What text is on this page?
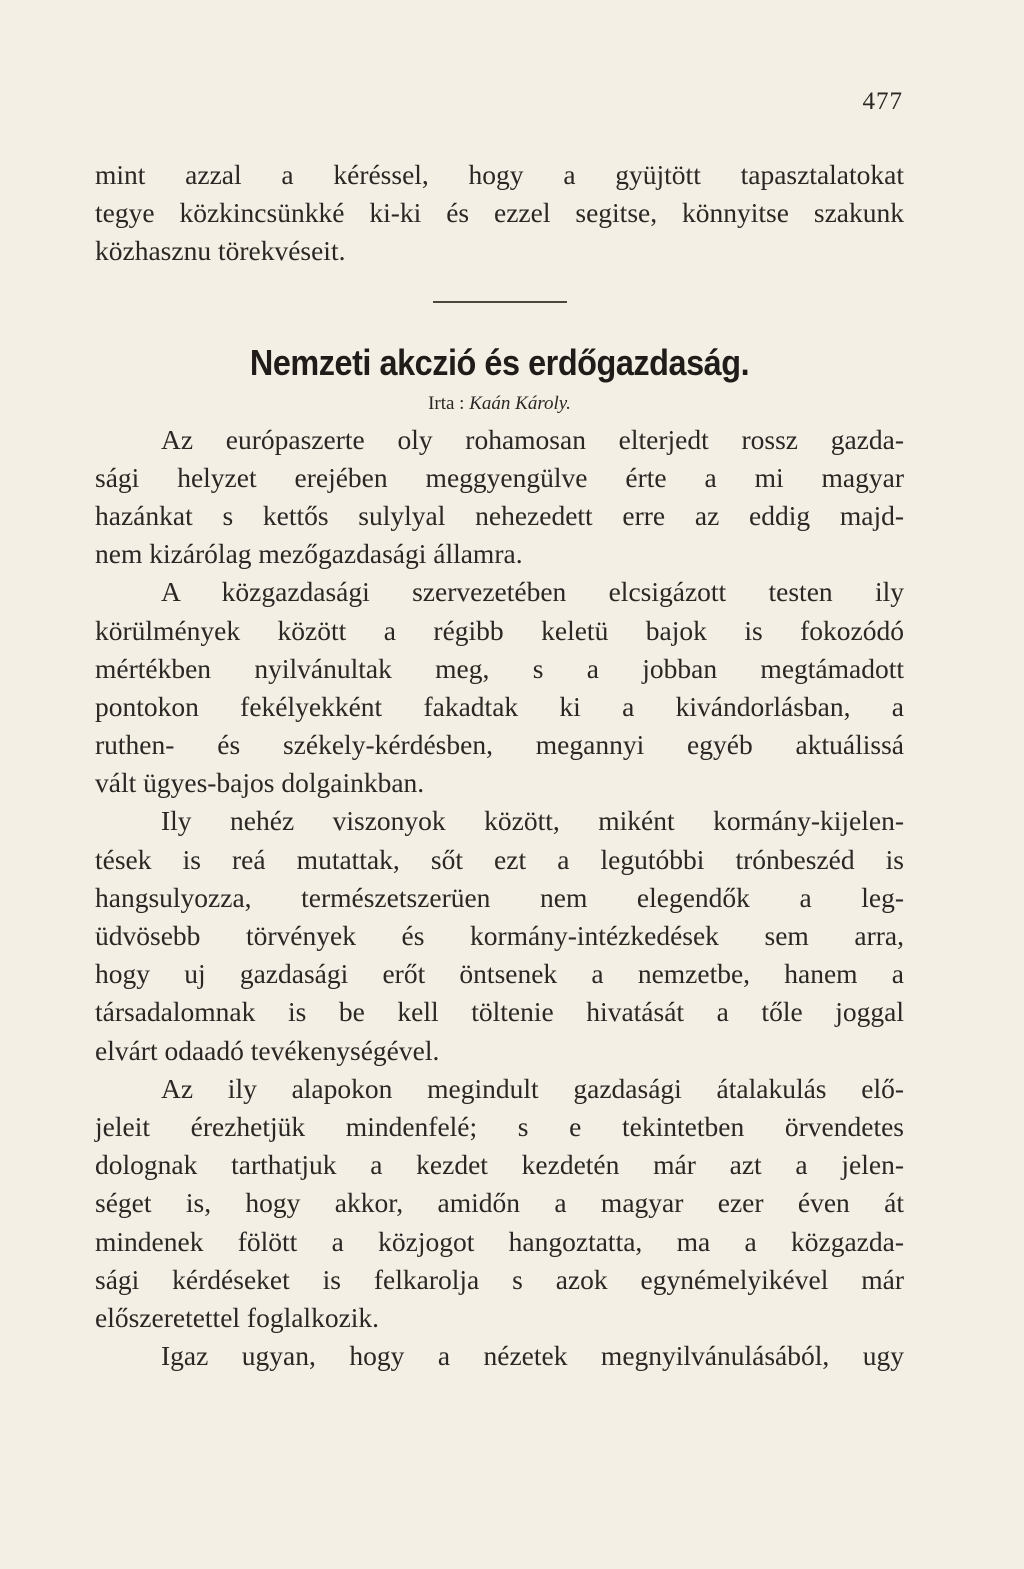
477
mint azzal a kéréssel, hogy a gyüjtött tapasztalatokat
tegye közkincsünkké ki-ki és ezzel segitse, könnyitse szakunk
közhasznu törekvéseit.
Nemzeti akczió és erdőgazdaság.
Irta : Kaán Károly.
Az európaszerte oly rohamosan elterjedt rossz gazda-
sági helyzet erejében meggyengülve érte a mi magyar
hazánkat s kettős sulylyal nehezedett erre az eddig majd-
nem kizárólag mezőgazdasági államra.
A közgazdasági szervezetében elcsigázott testen ily
körülmények között a régibb keletü bajok is fokozódó
mértékben nyilvánultak meg, s a jobban megtámadott
pontokon fekélyekként fakadtak ki a kivándorlásban, a
ruthen- és székely-kérdésben, megannyi egyéb aktuálissá
vált ügyes-bajos dolgainkban.
Ily nehéz viszonyok között, miként kormány-kijelen-
tések is reá mutattak, sőt ezt a legutóbbi trónbeszéd is
hangsulyozza, természetszerüen nem elegendők a leg-
üdvösebb törvények és kormány-intézkedések sem arra,
hogy uj gazdasági erőt öntsenek a nemzetbe, hanem a
társadalomnak is be kell töltenie hivatását a tőle joggal
elvárt odaadó tevékenységével.
Az ily alapokon megindult gazdasági átalakulás elő-
jeleit érezhetjük mindenfelé; s e tekintetben örvendetes
dolognak tarthatjuk a kezdet kezdetén már azt a jelen-
séget is, hogy akkor, amidőn a magyar ezer éven át
mindenek fölött a közjogot hangoztatta, ma a közgazda-
sági kérdéseket is felkarolja s azok egynémelyikével már
előszeretettel foglalkozik.
Igaz ugyan, hogy a nézetek megnyilvánulásából, ugy
